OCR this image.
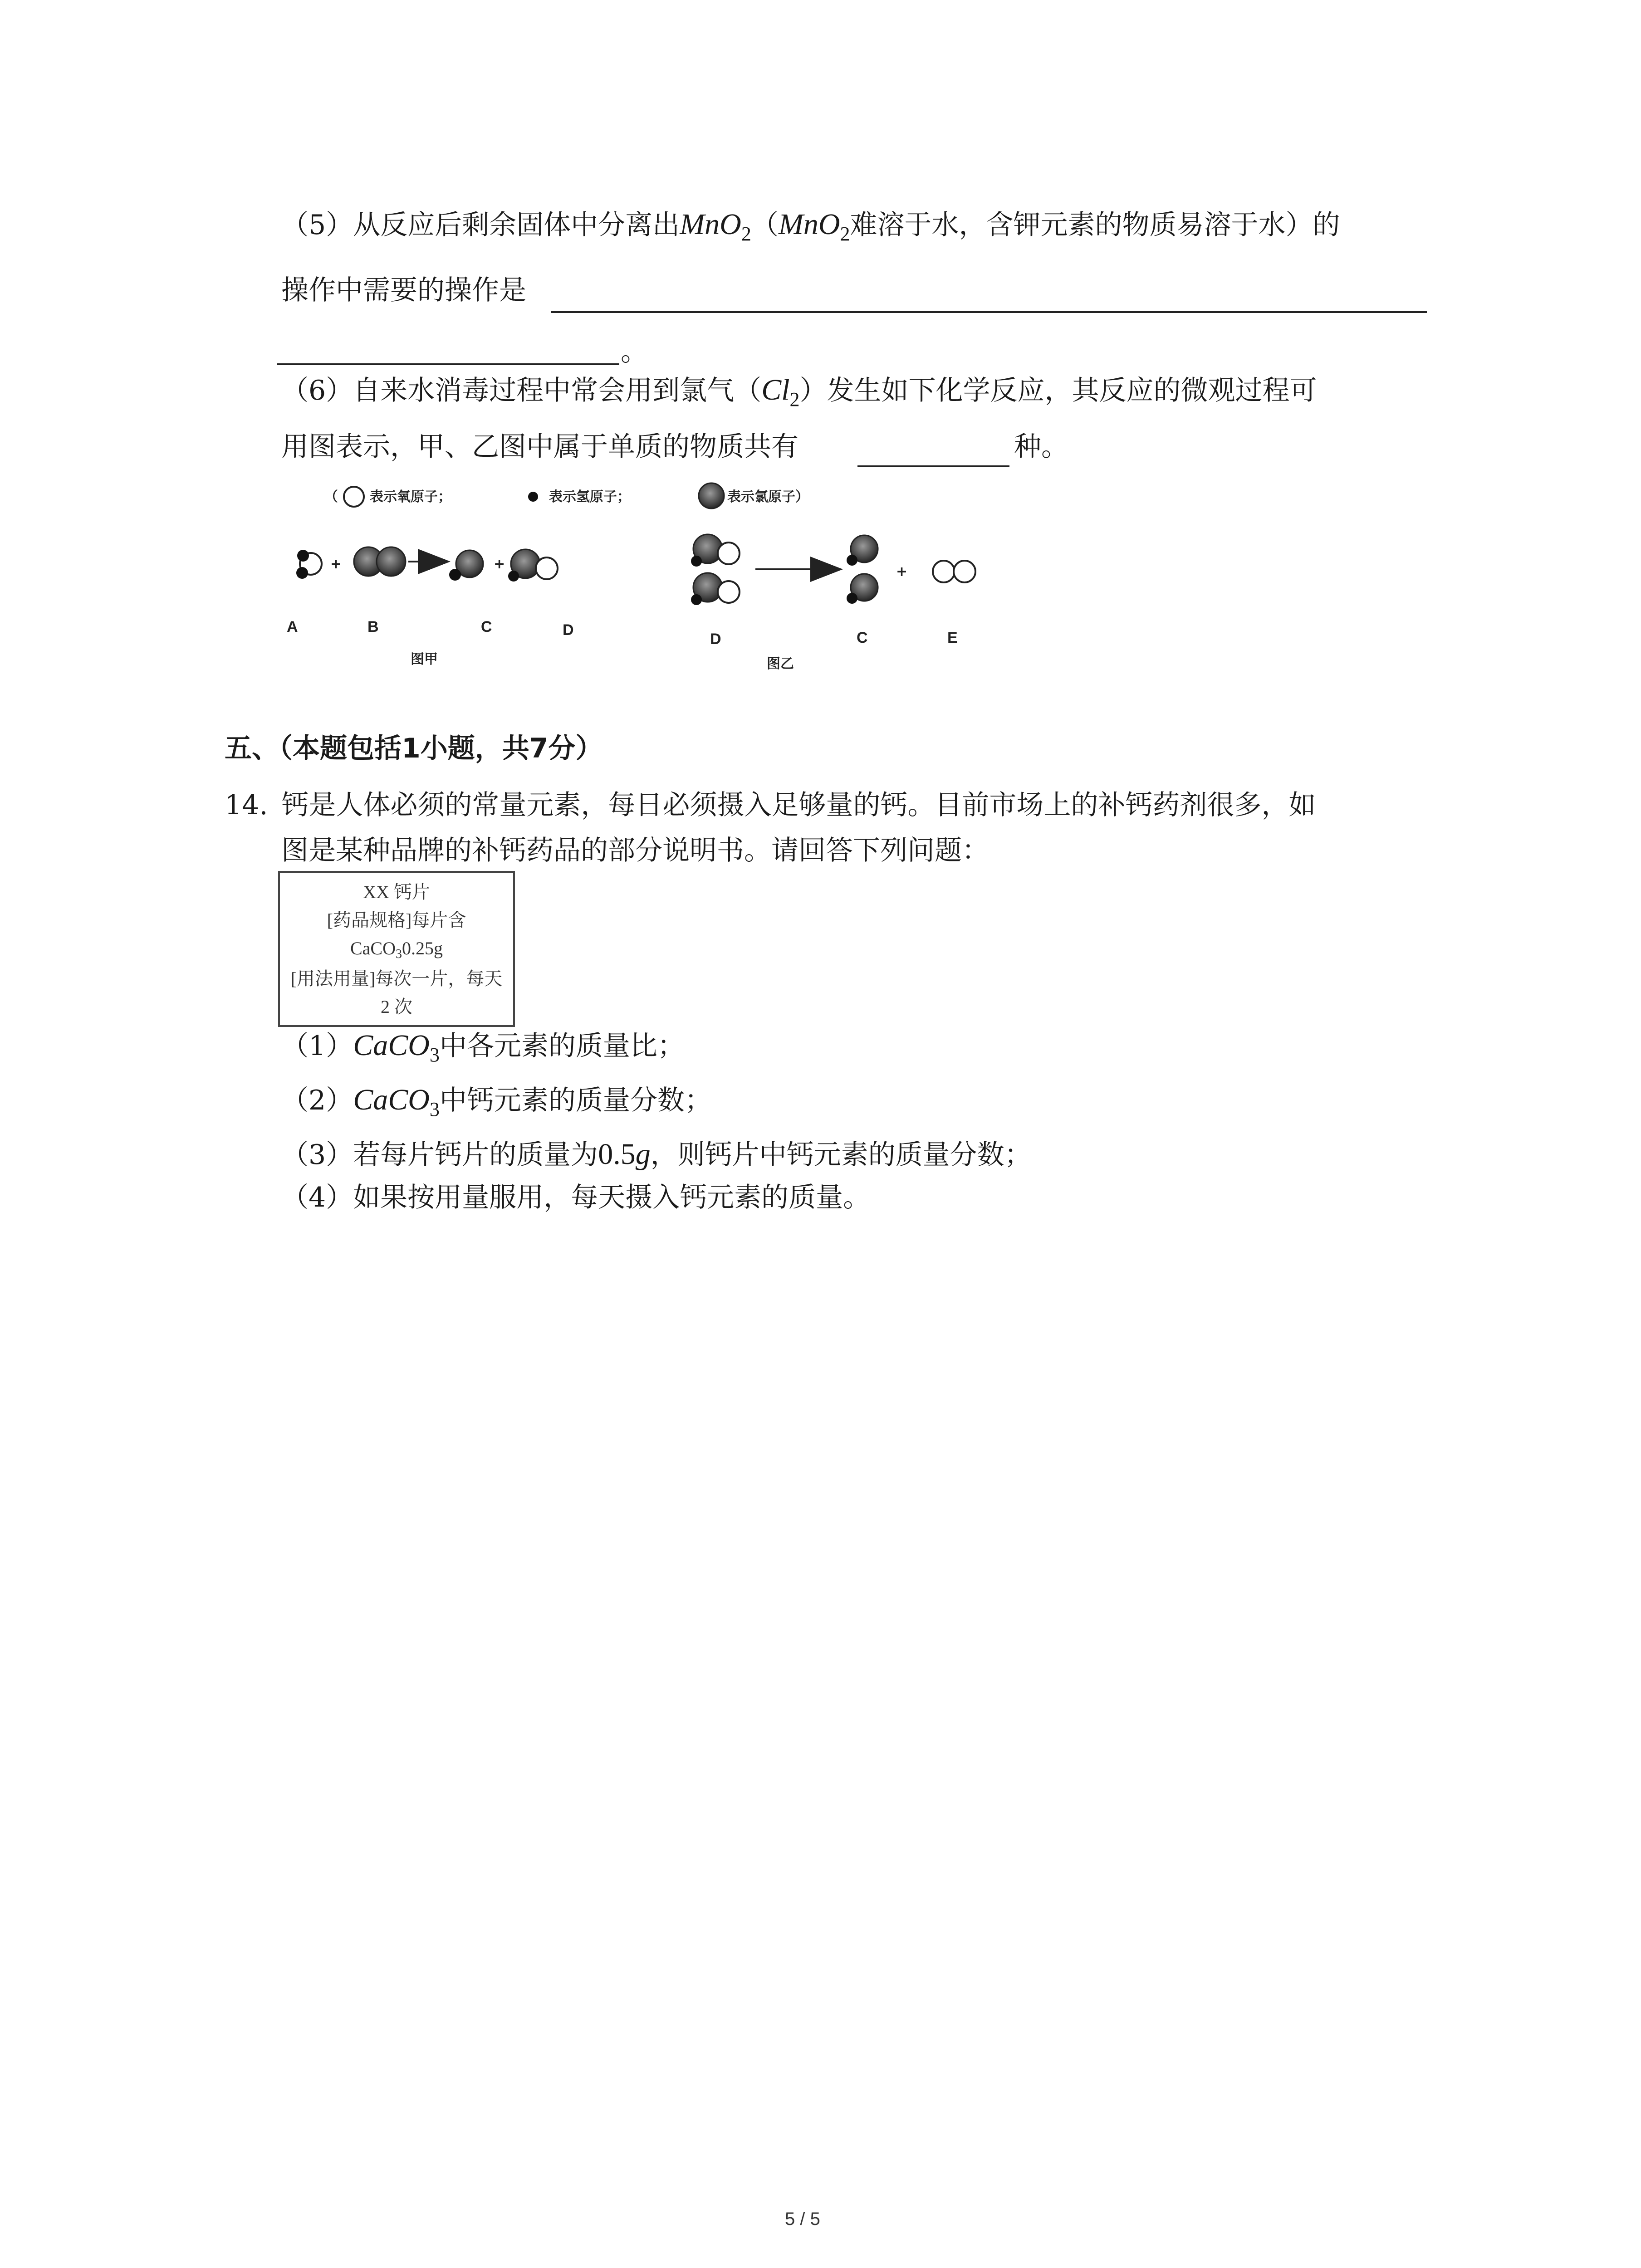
（5）从反应后剩余固体中分离出MnO$_2$（MnO$_2$难溶于水，含钾元素的物质易溶于水）的
操作中需要的操作是
。
（6）自来水消毒过程中常会用到氯气$(Cl_2)$发生如下化学反应，其反应的微观过程可
用图表示，甲、乙图中属于单质的物质共有	种。
（ 表示氧原子；	表示氢原子；	表示氯原子）
+	+
A	B	C	D
图甲
+
D	C	E
图乙
五、（本题包括1小题，共7分）
14. 钙是人体必须的常量元素，每日必须摄入足够量的钙。目前市场上的补钙药剂很多，如
图是某种品牌的补钙药品的部分说明书。请回答下列问题：
XX 钙片
[药品规格]每片含
CaCO$_3$0.25g
[用法用量]每次一片，每天
2 次
（1）CaCO$_3$中各元素的质量比；
（2）CaCO$_3$中钙元素的质量分数；
（3）若每片钙片的质量为0.5g，则钙片中钙元素的质量分数；
（4）如果按用量服用，每天摄入钙元素的质量。
5 / 5
